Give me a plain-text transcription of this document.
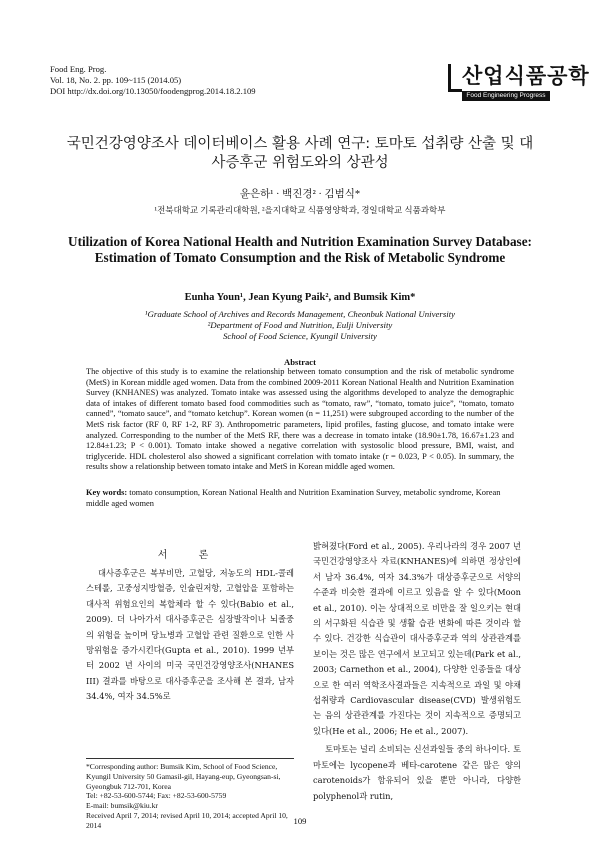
Food Eng. Prog.
Vol. 18, No. 2. pp. 109~115 (2014.05)
DOI http://dx.doi.org/10.13050/foodengprog.2014.18.2.109
산업식품공학
Food Engineering Progress
국민건강영양조사 데이터베이스 활용 사례 연구: 토마토 섭취량 산출 및 대사증후군 위험도와의 상관성
윤은하¹ · 백진경² · 김범식*
¹전북대학교 기록관리대학원, ²을지대학교 식품영양학과, 경일대학교 식품과학부
Utilization of Korea National Health and Nutrition Examination Survey Database: Estimation of Tomato Consumption and the Risk of Metabolic Syndrome
Eunha Youn¹, Jean Kyung Paik², and Bumsik Kim*
¹Graduate School of Archives and Records Management, Cheonbuk National University
²Department of Food and Nutrition, Eulji University
School of Food Science, Kyungil University
Abstract
The objective of this study is to examine the relationship between tomato consumption and the risk of metabolic syndrome (MetS) in Korean middle aged women. Data from the combined 2009-2011 Korean National Health and Nutrition Examination Survey (KNHANES) was analyzed. Tomato intake was assessed using the algorithms developed to analyze the demographic data of intakes of different tomato based food commodities such as “tomato, raw”, “tomato, tomato juice”, “tomato, tomato canned”, “tomato sauce”, and “tomato ketchup”. Korean women (n = 11,251) were subgrouped according to the number of the MetS risk factor (RF 0, RF 1-2, RF 3). Anthropometric parameters, lipid profiles, fasting glucose, and tomato intake were analyzed. Corresponding to the number of the MetS RF, there was a decrease in tomato intake (18.90±1.78, 16.67±1.23 and 12.84±1.23; P < 0.001). Tomato intake showed a negative correlation with systosolic blood pressure, BMI, waist, and triglyceride. HDL cholesterol also showed a significant correlation with tomato intake (r = 0.023, P < 0.05). In summary, the results show a relationship between tomato intake and MetS in Korean middle aged women.
Key words: tomato consumption, Korean National Health and Nutrition Examination Survey, metabolic syndrome, Korean middle aged women
서 론
대사증후군은 복부비만, 고혈당, 저농도의 HDL-콜레스테롤, 고중성지방혈증, 인슐린저항, 고혈압을 포함하는 대사적 위험요인의 복합체라 할 수 있다(Babio et al., 2009). 더 나아가서 대사증후군은 심장발작이나 뇌졸중의 위험을 높이며 당뇨병과 고혈압 관련 질환으로 인한 사망위험을 증가시킨다(Gupta et al., 2010). 1999 년부터 2002 년 사이의 미국 국민건강영양조사(NHANES III) 결과를 바탕으로 대사증후군을 조사해 본 결과, 남자 34.4%, 여자 34.5%로
밝혀졌다(Ford et al., 2005). 우리나라의 경우 2007 년 국민건강영양조사 자료(KNHANES)에 의하면 정상인에서 남자 36.4%, 여자 34.3%가 대상증후군으로 서양의 수준과 비슷한 결과에 이르고 있음을 알 수 있다(Moon et al., 2010). 이는 상대적으로 비만을 잘 일으키는 현대의 서구화된 식습관 및 생활 습관 변화에 따른 것이라 할 수 있다. 건강한 식습관이 대사증후군과 역의 상관관계를 보이는 것은 많은 연구에서 보고되고 있는데(Park et al., 2003; Carnethon et al., 2004), 다양한 인종들을 대상으로 한 여러 역학조사결과들은 지속적으로 과일 및 야채 섭취량과 Cardiovascular disease(CVD) 발생위험도는 음의 상관관계를 가진다는 것이 지속적으로 증명되고 있다(He et al., 2006; He et al., 2007).
토마토는 널리 소비되는 신선과일들 중의 하나이다. 토마토에는 lycopene과 베타-carotene 같은 많은 양의 carotenoids가 함유되어 있을 뿐만 아니라, 다양한 polyphenol과 rutin,
*Corresponding author: Bumsik Kim, School of Food Science, Kyungil University 50 Gamasil-gil, Hayang-eup, Gyeongsan-si, Gyeongbuk 712-701, Korea
Tel: +82-53-600-5744; Fax: +82-53-600-5759
E-mail: bumsik@kiu.kr
Received April 7, 2014; revised April 10, 2014; accepted April 10, 2014	109
